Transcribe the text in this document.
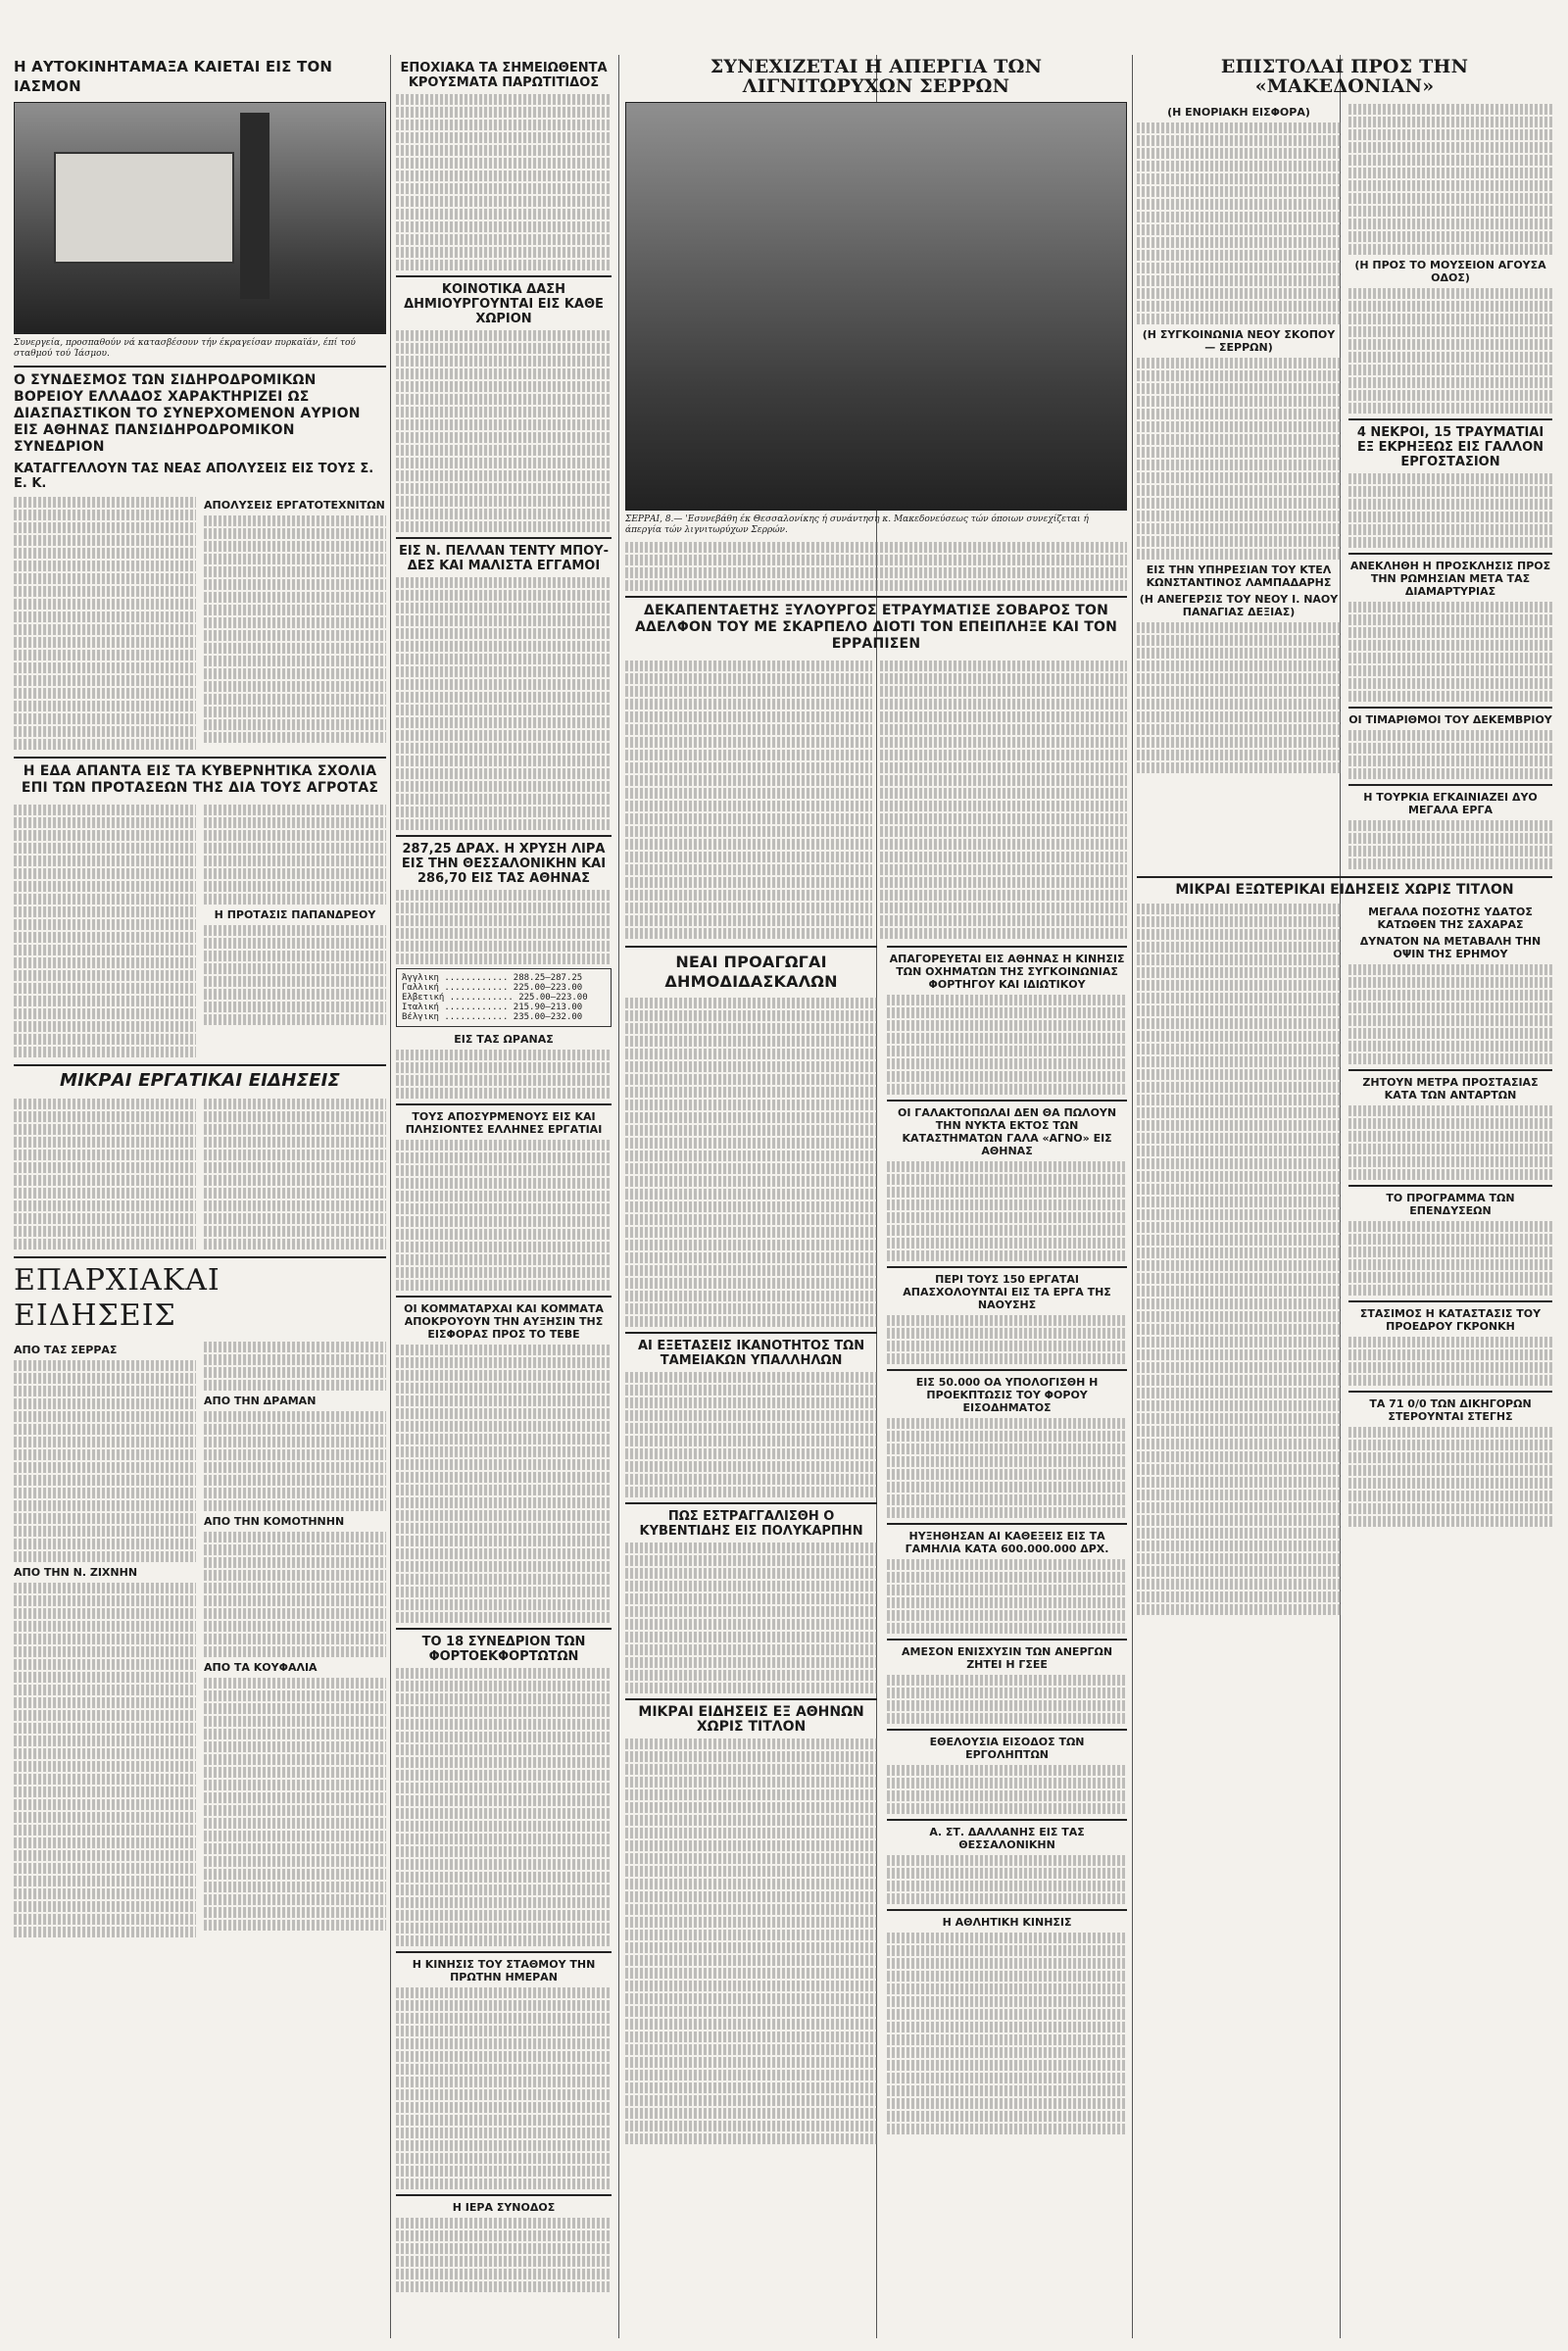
Η ΑΥΤΟΚΙΝΗΤΑΜΑΞΑ ΚΑΙΕΤΑΙ ΕΙΣ ΤΟΝ ΙΑΣΜΟΝ
Συνεργεία, προσπαθούν νά κατασβέσουν τήν έκραγείσαν πυρκαϊάν, έπί τού σταθμού τού Ίάσμου.
Ο ΣΥΝΔΕΣΜΟΣ ΤΩΝ ΣΙΔΗΡΟΔΡΟΜΙΚΩΝ ΒΟΡΕΙΟΥ ΕΛΛΑΔΟΣ ΧΑΡΑΚΤΗΡΙΖΕΙ ΩΣ ΔΙΑΣΠΑΣΤΙΚΟΝ ΤΟ ΣΥΝΕΡΧΟΜΕΝΟΝ ΑΥΡΙΟΝ ΕΙΣ ΑΘΗΝΑΣ ΠΑΝΣΙΔΗΡΟΔΡΟΜΙΚΟΝ ΣΥΝΕΔΡΙΟΝ
ΚΑΤΑΓΓΕΛΛΟΥΝ ΤΑΣ ΝΕΑΣ ΑΠΟΛΥΣΕΙΣ ΕΙΣ ΤΟΥΣ Σ. Ε. Κ.
ΑΠΟΛΥΣΕΙΣ ΕΡΓΑΤΟΤΕΧΝΙΤΩΝ
Η ΕΔΑ ΑΠΑΝΤΑ ΕΙΣ ΤΑ ΚΥΒΕΡΝΗΤΙΚΑ ΣΧΟΛΙΑ ΕΠΙ ΤΩΝ ΠΡΟΤΑΣΕΩΝ ΤΗΣ ΔΙΑ ΤΟΥΣ ΑΓΡΟΤΑΣ
Η ΠΡΟΤΑΣΙΣ ΠΑΠΑΝΔΡΕΟΥ
ΜΙΚΡΑΙ ΕΡΓΑΤΙΚΑΙ ΕΙΔΗΣΕΙΣ
ΕΠΑΡΧΙΑΚΑΙ ΕΙΔΗΣΕΙΣ
ΑΠΟ ΤΑΣ ΣΕΡΡΑΣ
ΑΠΟ ΤΗΝ Ν. ΖΙΧΝΗΝ
ΑΠΟ ΤΗΝ ΔΡΑΜΑΝ
ΑΠΟ ΤΗΝ ΚΟΜΟΤΗΝΗΝ
ΑΠΟ ΤΑ ΚΟΥΦΑΛΙΑ
ΕΠΟΧΙΑΚΑ ΤΑ ΣΗΜΕΙΩΘΕΝΤΑ ΚΡΟΥΣΜΑΤΑ ΠΑΡΩΤΙΤΙΔΟΣ
ΚΟΙΝΟΤΙΚΑ ΔΑΣΗ ΔΗΜΙΟΥΡΓΟΥΝΤΑΙ ΕΙΣ ΚΑΘΕ ΧΩΡΙΟΝ
ΕΙΣ Ν. ΠΕΛΛΑΝ ΤΕΝΤΥ ΜΠΟΥ-ΔΕΣ ΚΑΙ ΜΑΛΙΣΤΑ ΕΓΓΑΜΟΙ
287,25 ΔΡΑΧ. Η ΧΡΥΣΗ ΛΙΡΑ ΕΙΣ ΤΗΝ ΘΕΣΣΑΛΟΝΙΚΗΝ ΚΑΙ 286,70 ΕΙΣ ΤΑΣ ΑΘΗΝΑΣ
Άγγλικη ............ 288.25—287.25
Γαλλική ............ 225.00—223.00
Ελβετική ............ 225.00—223.00
Ιταλική ............ 215.90—213.00
Βέλγικη ............ 235.00—232.00
ΕΙΣ ΤΑΣ ΩΡΑΝΑΣ
ΤΟΥΣ ΑΠΟΣΥΡΜΕΝΟΥΣ ΕΙΣ ΚΑΙ ΠΛΗΣΙΟΝΤΕΣ ΕΛΛΗΝΕΣ ΕΡΓΑΤΙΑΙ
ΟΙ ΚΟΜΜΑΤΑΡΧΑΙ ΚΑΙ ΚΟΜΜΑΤΑ ΑΠΟΚΡΟΥΟΥΝ ΤΗΝ ΑΥΞΗΣΙΝ ΤΗΣ ΕΙΣΦΟΡΑΣ ΠΡΟΣ ΤΟ ΤΕΒΕ
ΤΟ 18 ΣΥΝΕΔΡΙΟΝ ΤΩΝ ΦΟΡΤΟΕΚΦΟΡΤΩΤΩΝ
Η ΚΙΝΗΣΙΣ ΤΟΥ ΣΤΑΘΜΟΥ ΤΗΝ ΠΡΩΤΗΝ ΗΜΕΡΑΝ
Η ΙΕΡΑ ΣΥΝΟΔΟΣ
ΣΥΝΕΧΙΖΕΤΑΙ Η ΑΠΕΡΓΙΑ ΤΩΝ ΛΙΓΝΙΤΩΡΥΧΩΝ ΣΕΡΡΩΝ
ΣΕΡΡΑΙ, 8.— 'Εσυνεβάθη έκ Θεσσαλονίκης ή συνάντηση κ. Μακεδονεύσεως τών όποιων συνεχίζεται ή άπεργία τών λιγνιτωρύχων Σερρών.
ΔΕΚΑΠΕΝΤΑΕΤΗΣ ΞΥΛΟΥΡΓΟΣ ΕΤΡΑΥΜΑΤΙΣΕ ΣΟΒΑΡΟΣ ΤΟΝ ΑΔΕΛΦΟΝ ΤΟΥ ΜΕ ΣΚΑΡΠΕΛΟ ΔΙΟΤΙ ΤΟΝ ΕΠΕΙΠΛΗΞΕ ΚΑΙ ΤΟΝ ΕΡΡΑΠΙΣΕΝ
ΝΕΑΙ ΠΡΟΑΓΩΓΑΙ ΔΗΜΟΔΙΔΑΣΚΑΛΩΝ
ΑΙ ΕΞΕΤΑΣΕΙΣ ΙΚΑΝΟΤΗΤΟΣ ΤΩΝ ΤΑΜΕΙΑΚΩΝ ΥΠΑΛΛΗΛΩΝ
ΠΩΣ ΕΣΤΡΑΓΓΑΛΙΣΘΗ Ο ΚΥΒΕΝΤΙΔΗΣ ΕΙΣ ΠΟΛΥΚΑΡΠΗΝ
ΜΙΚΡΑΙ ΕΙΔΗΣΕΙΣ ΕΞ ΑΘΗΝΩΝ ΧΩΡΙΣ ΤΙΤΛΟΝ
ΑΠΑΓΟΡΕΥΕΤΑΙ ΕΙΣ ΑΘΗΝΑΣ Η ΚΙΝΗΣΙΣ ΤΩΝ ΟΧΗΜΑΤΩΝ ΤΗΣ ΣΥΓΚΟΙΝΩΝΙΑΣ ΦΟΡΤΗΓΟΥ ΚΑΙ ΙΔΙΩΤΙΚΟΥ
ΟΙ ΓΑΛΑΚΤΟΠΩΛΑΙ ΔΕΝ ΘΑ ΠΩΛΟΥΝ ΤΗΝ ΝΥΚΤΑ ΕΚΤΟΣ ΤΩΝ ΚΑΤΑΣΤΗΜΑΤΩΝ ΓΑΛΑ «ΑΓΝΟ» ΕΙΣ ΑΘΗΝΑΣ
ΠΕΡΙ ΤΟΥΣ 150 ΕΡΓΑΤΑΙ ΑΠΑΣΧΟΛΟΥΝΤΑΙ ΕΙΣ ΤΑ ΕΡΓΑ ΤΗΣ ΝΑΟΥΣΗΣ
ΕΙΣ 50.000 ΟΑ ΥΠΟΛΟΓΙΣΘΗ Η ΠΡΟΕΚΠΤΩΣΙΣ ΤΟΥ ΦΟΡΟΥ ΕΙΣΟΔΗΜΑΤΟΣ
ΗΥΞΗΘΗΣΑΝ ΑΙ ΚΑΘΕΞΕΙΣ ΕΙΣ ΤΑ ΓΑΜΗΛΙΑ ΚΑΤΑ 600.000.000 ΔΡΧ.
ΑΜΕΣΟΝ ΕΝΙΣΧΥΣΙΝ ΤΩΝ ΑΝΕΡΓΩΝ ΖΗΤΕΙ Η ΓΣΕΕ
ΕΘΕΛΟΥΣΙΑ ΕΙΣΟΔΟΣ ΤΩΝ ΕΡΓΟΛΗΠΤΩΝ
Α. ΣΤ. ΔΑΛΛΑΝΗΣ ΕΙΣ ΤΑΣ ΘΕΣΣΑΛΟΝΙΚΗΝ
Η ΑΘΛΗΤΙΚΗ ΚΙΝΗΣΙΣ
ΕΠΙΣΤΟΛΑΙ ΠΡΟΣ ΤΗΝ «ΜΑΚΕΔΟΝΙΑΝ»
(Η ΕΝΟΡΙΑΚΗ ΕΙΣΦΟΡΑ)
(Η ΣΥΓΚΟΙΝΩΝΙΑ ΝΕΟΥ ΣΚΟΠΟΥ — ΣΕΡΡΩΝ)
ΕΙΣ ΤΗΝ ΥΠΗΡΕΣΙΑΝ ΤΟΥ ΚΤΕΛ ΚΩΝΣΤΑΝΤΙΝΟΣ ΛΑΜΠΑΔΑΡΗΣ
(Η ΑΝΕΓΕΡΣΙΣ ΤΟΥ ΝΕΟΥ Ι. ΝΑΟΥ ΠΑΝΑΓΙΑΣ ΔΕΞΙΑΣ)
(Η ΠΡΟΣ ΤΟ ΜΟΥΣΕΙΟΝ ΑΓΟΥΣΑ ΟΔΟΣ)
4 ΝΕΚΡΟΙ, 15 ΤΡΑΥΜΑΤΙΑΙ ΕΞ ΕΚΡΗΞΕΩΣ ΕΙΣ ΓΑΛΛΟΝ ΕΡΓΟΣΤΑΣΙΟΝ
ΑΝΕΚΛΗΘΗ Η ΠΡΟΣΚΛΗΣΙΣ ΠΡΟΣ ΤΗΝ ΡΩΜΗΣΙΑΝ ΜΕΤΑ ΤΑΣ ΔΙΑΜΑΡΤΥΡΙΑΣ
ΟΙ ΤΙΜΑΡΙΘΜΟΙ ΤΟΥ ΔΕΚΕΜΒΡΙΟΥ
Η ΤΟΥΡΚΙΑ ΕΓΚΑΙΝΙΑΖΕΙ ΔΥΟ ΜΕΓΑΛΑ ΕΡΓΑ
ΜΙΚΡΑΙ ΕΞΩΤΕΡΙΚΑΙ ΕΙΔΗΣΕΙΣ ΧΩΡΙΣ ΤΙΤΛΟΝ
ΜΕΓΑΛΑ ΠΟΣΟΤΗΣ ΥΔΑΤΟΣ ΚΑΤΩΘΕΝ ΤΗΣ ΣΑΧΑΡΑΣ
ΔΥΝΑΤΟΝ ΝΑ ΜΕΤΑΒΑΛΗ ΤΗΝ ΟΨΙΝ ΤΗΣ ΕΡΗΜΟΥ
ΖΗΤΟΥΝ ΜΕΤΡΑ ΠΡΟΣΤΑΣΙΑΣ ΚΑΤΑ ΤΩΝ ΑΝΤΑΡΤΩΝ
ΤΟ ΠΡΟΓΡΑΜΜΑ ΤΩΝ ΕΠΕΝΔΥΣΕΩΝ
ΣΤΑΣΙΜΟΣ Η ΚΑΤΑΣΤΑΣΙΣ ΤΟΥ ΠΡΟΕΔΡΟΥ ΓΚΡΟΝΚΗ
ΤΑ 71 0/0 ΤΩΝ ΔΙΚΗΓΟΡΩΝ ΣΤΕΡΟΥΝΤΑΙ ΣΤΕΓΗΣ
